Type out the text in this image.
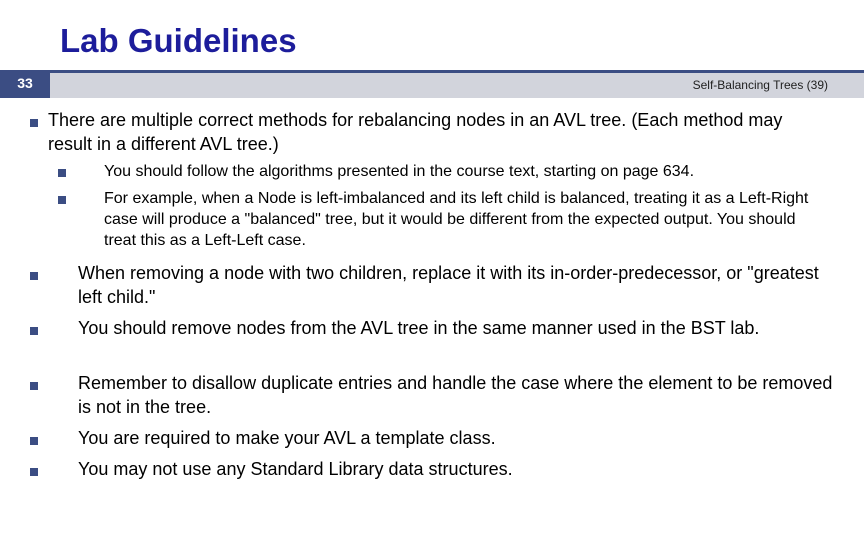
Lab Guidelines
33	Self-Balancing Trees (39)
There are multiple correct methods for rebalancing nodes in an AVL tree. (Each method may result in a different AVL tree.)
You should follow the algorithms presented in the course text, starting on page 634.
For example, when a Node is left-imbalanced and its left child is balanced, treating it as a Left-Right case will produce a "balanced" tree, but it would be different from the expected output. You should treat this as a Left-Left case.
When removing a node with two children, replace it with its in-order-predecessor, or "greatest left child."
You should remove nodes from the AVL tree in the same manner used in the BST lab.
Remember to disallow duplicate entries and handle the case where the element to be removed is not in the tree.
You are required to make your AVL a template class.
You may not use any Standard Library data structures.
